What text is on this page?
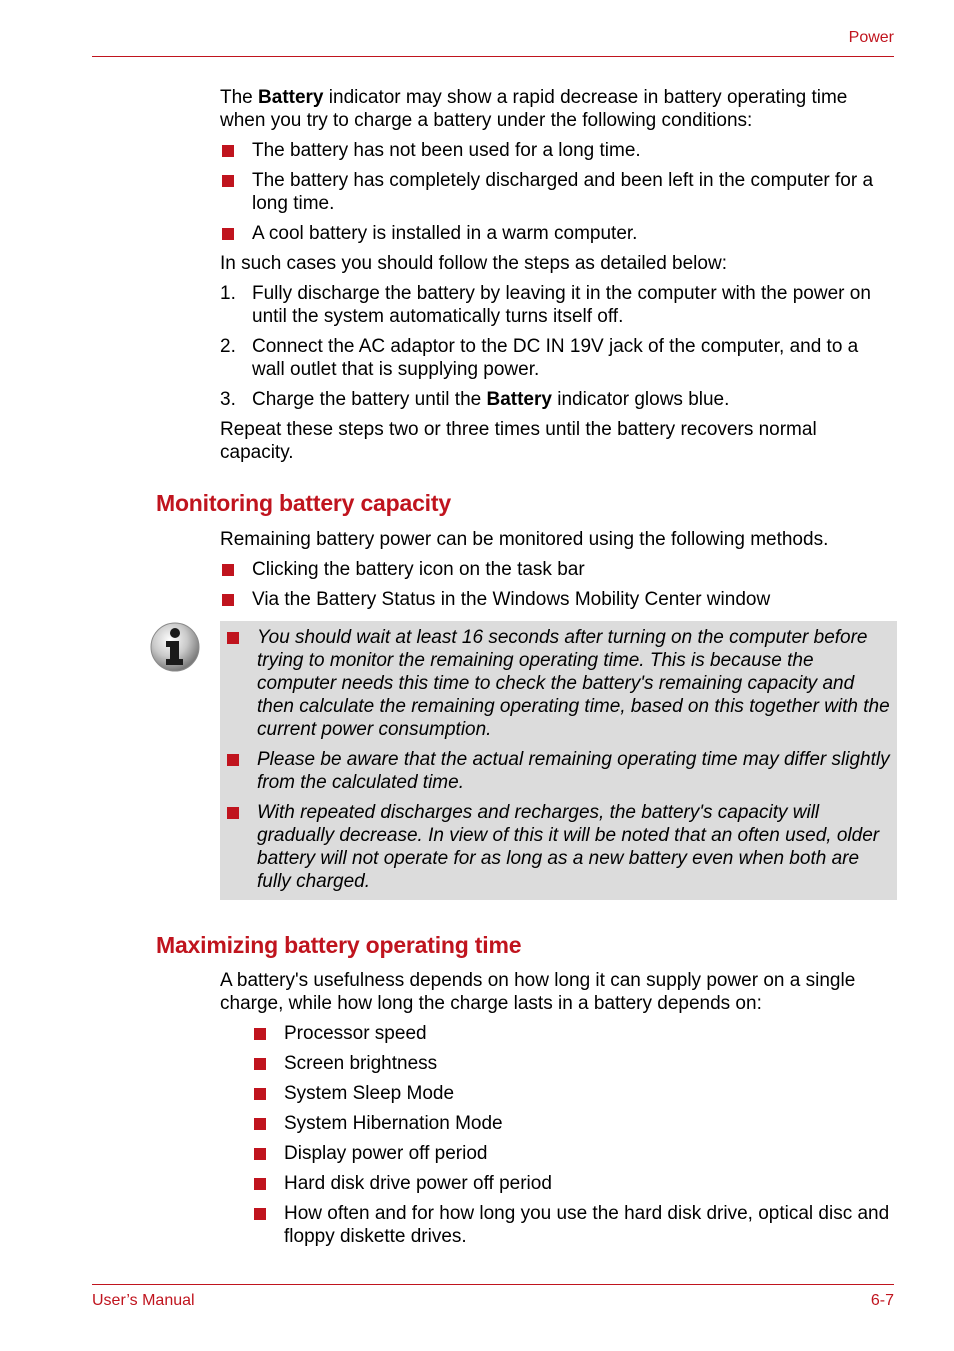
Power

The Battery indicator may show a rapid decrease in battery operating time when you try to charge a battery under the following conditions:

The battery has not been used for a long time.
The battery has completely discharged and been left in the computer for a long time.
A cool battery is installed in a warm computer.

In such cases you should follow the steps as detailed below:

1. Fully discharge the battery by leaving it in the computer with the power on until the system automatically turns itself off.
2. Connect the AC adaptor to the DC IN 19V jack of the computer, and to a wall outlet that is supplying power.
3. Charge the battery until the Battery indicator glows blue.

Repeat these steps two or three times until the battery recovers normal capacity.

Monitoring battery capacity

Remaining battery power can be monitored using the following methods.

Clicking the battery icon on the task bar
Via the Battery Status in the Windows Mobility Center window
You should wait at least 16 seconds after turning on the computer before trying to monitor the remaining operating time. This is because the computer needs this time to check the battery's remaining capacity and then calculate the remaining operating time, based on this together with the current power consumption.
Please be aware that the actual remaining operating time may differ slightly from the calculated time.
With repeated discharges and recharges, the battery's capacity will gradually decrease. In view of this it will be noted that an often used, older battery will not operate for as long as a new battery even when both are fully charged.
Maximizing battery operating time
A battery's usefulness depends on how long it can supply power on a single charge, while how long the charge lasts in a battery depends on:
Processor speed
Screen brightness
System Sleep Mode
System Hibernation Mode
Display power off period
Hard disk drive power off period
How often and for how long you use the hard disk drive, optical disc and floppy diskette drives.
User’s Manual	6-7
